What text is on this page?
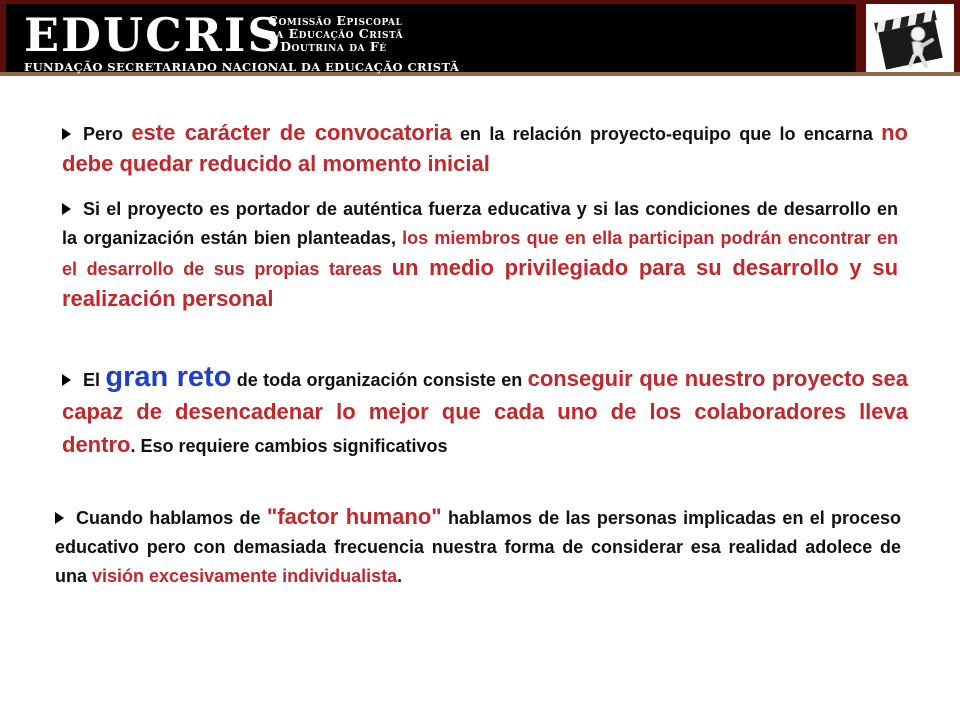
EDUCRIS
Comissão Episcopal
da Educação Cristã
e Doutrina da Fé
FUNDAÇÃO SECRETARIADO NACIONAL DA EDUCAÇÃO CRISTÃ
Pero este carácter de convocatoria en la relación proyecto-equipo que lo encarna no debe quedar reducido al momento inicial
Si el proyecto es portador de auténtica fuerza educativa y si las condiciones de desarrollo en la organización están bien planteadas, los miembros que en ella participan podrán encontrar en el desarrollo de sus propias tareas un medio privilegiado para su desarrollo y su realización personal
El gran reto de toda organización consiste en conseguir que nuestro proyecto sea capaz de desencadenar lo mejor que cada uno de los colaboradores lleva dentro. Eso requiere cambios significativos
Cuando hablamos de "factor humano" hablamos de las personas implicadas en el proceso educativo pero con demasiada frecuencia nuestra forma de considerar esa realidad adolece de una visión excesivamente individualista.
